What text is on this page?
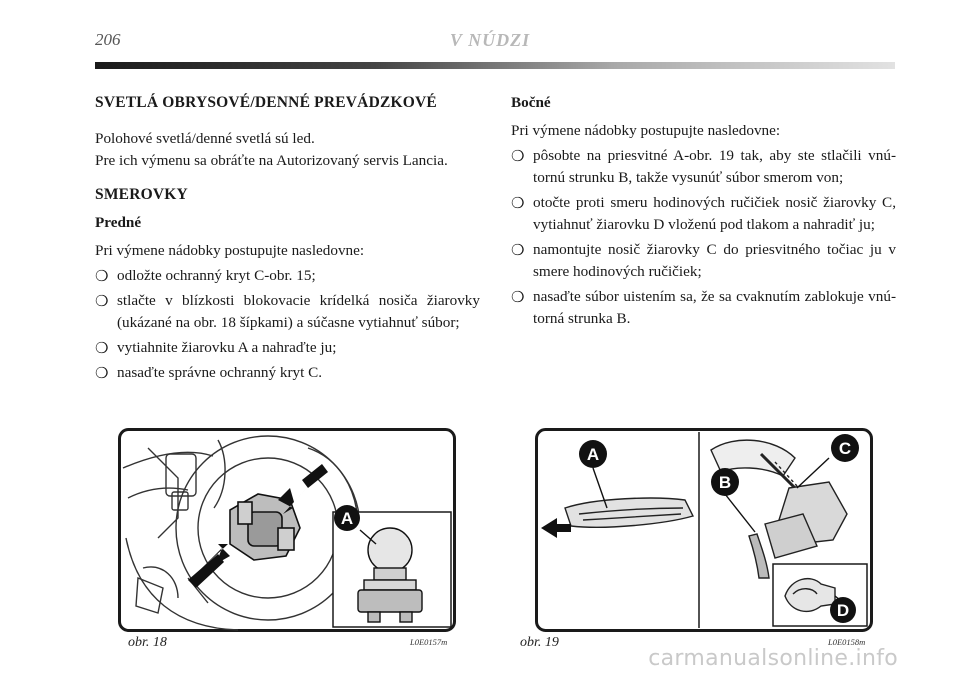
206	V NÚDZI
SVETLÁ OBRYSOVÉ/DENNÉ PREVÁDZKOVÉ

Polohové svetlá/denné svetlá sú led.

Pre ich výmenu sa obráťte na Autorizovaný servis Lancia.

SMEROVKY
Predné

Pri výmene nádobky postupujte nasledovne:

❍ odložte ochranný kryt C-obr. 15;
❍ stlačte v blízkosti blokovacie krídelká nosiča žiarovky (ukázané na obr. 18 šípkami) a súčasne vytiahnuť súbor;
❍ vytiahnite žiarovku A a nahraďte ju;
❍ nasaďte správne ochranný kryt C.
Bočné

Pri výmene nádobky postupujte nasledovne:

❍ pôsobte na priesvitné A-obr. 19 tak, aby ste stlačili vnútornú strunku B, takže vysunúť súbor smerom von;
❍ otočte proti smeru hodinových ručičiek nosič žiarovky C, vytiahnuť žiarovku D vloženú pod tlakom a nahradiť ju;
❍ namontujte nosič žiarovky C do priesvitného točiac ju v smere hodinových ručičiek;
❍ nasaďte súbor uistením sa, že sa cvaknutím zablokuje vnútorná strunka B.
A
obr. 18	L0E0157m
A
B
C
D
obr. 19	L0E0158m
carmanualsonline.info
